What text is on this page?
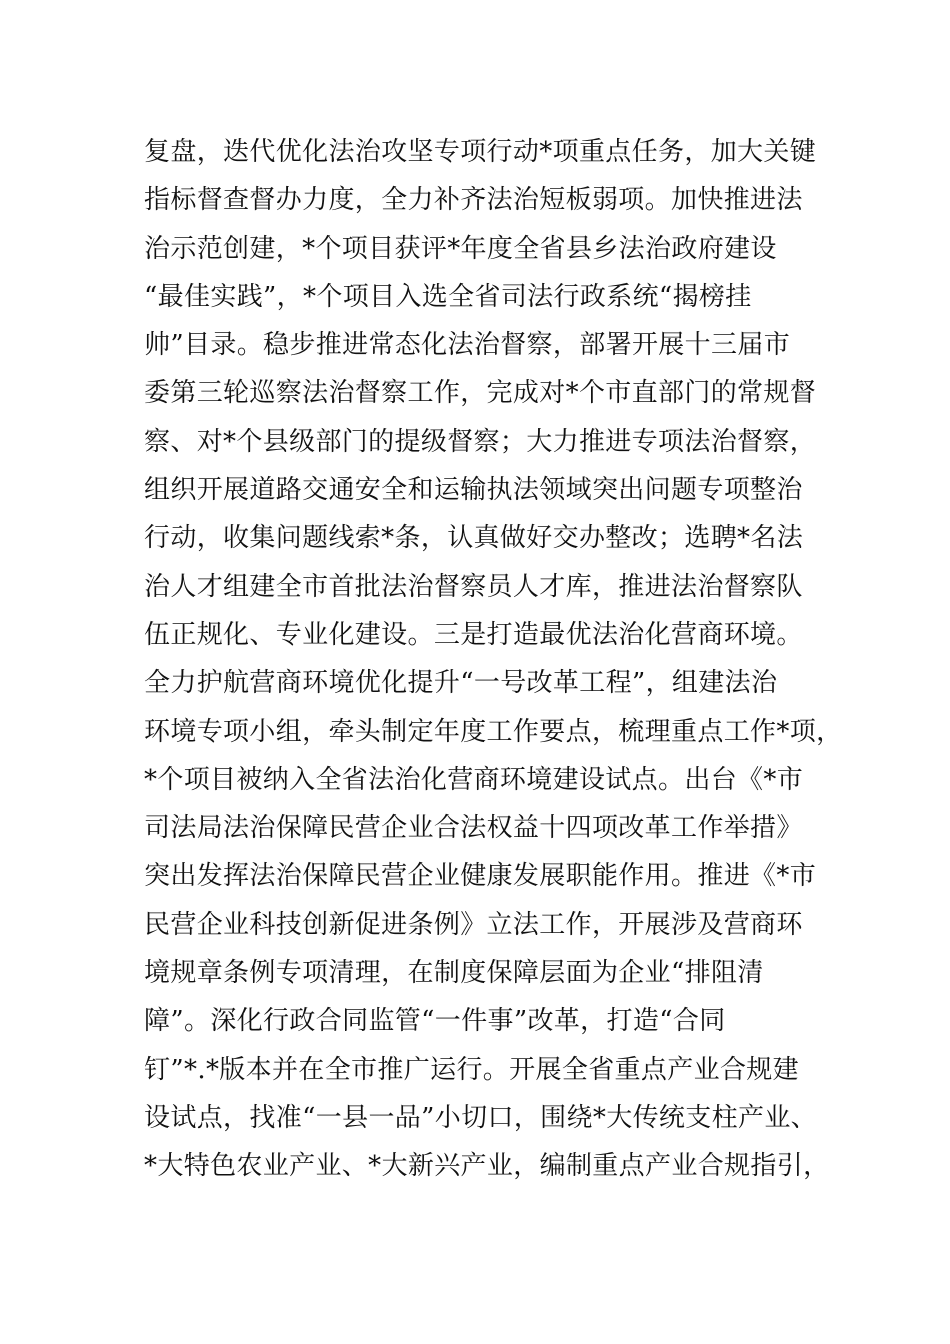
复盘，迭代优化法治攻坚专项行动*项重点任务，加大关键
指标督查督办力度，全力补齐法治短板弱项。加快推进法
治示范创建，*个项目获评*年度全省县乡法治政府建设
“最佳实践”，*个项目入选全省司法行政系统“揭榜挂
帅”目录。稳步推进常态化法治督察，部署开展十三届市
委第三轮巡察法治督察工作，完成对*个市直部门的常规督
察、对*个县级部门的提级督察；大力推进专项法治督察，
组织开展道路交通安全和运输执法领域突出问题专项整治
行动，收集问题线索*条，认真做好交办整改；选聘*名法
治人才组建全市首批法治督察员人才库，推进法治督察队
伍正规化、专业化建设。三是打造最优法治化营商环境。
全力护航营商环境优化提升“一号改革工程”，组建法治
环境专项小组，牵头制定年度工作要点，梳理重点工作*项，
*个项目被纳入全省法治化营商环境建设试点。出台《*市
司法局法治保障民营企业合法权益十四项改革工作举措》
突出发挥法治保障民营企业健康发展职能作用。推进《*市
民营企业科技创新促进条例》立法工作，开展涉及营商环
境规章条例专项清理，在制度保障层面为企业“排阻清
障”。深化行政合同监管“一件事”改革，打造“合同
钉”*.*版本并在全市推广运行。开展全省重点产业合规建
设试点，找准“一县一品”小切口，围绕*大传统支柱产业、
*大特色农业产业、*大新兴产业，编制重点产业合规指引，
